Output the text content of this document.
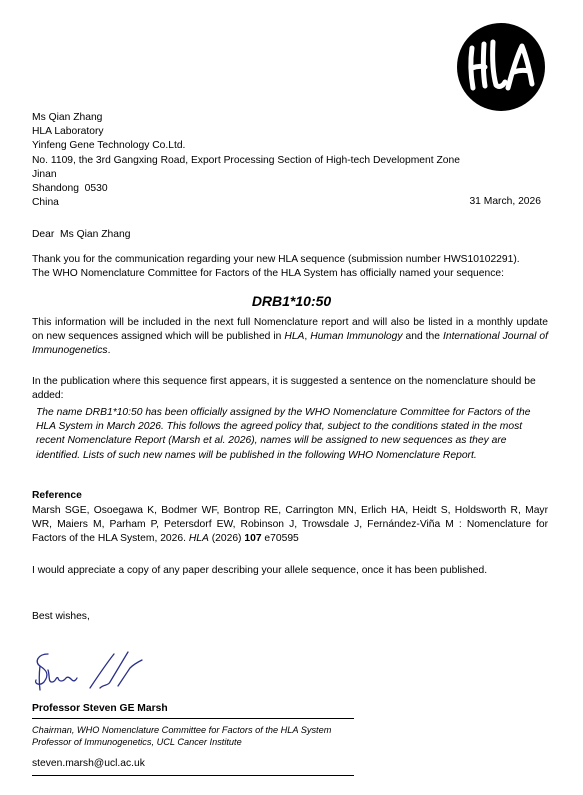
Ms Qian Zhang
HLA Laboratory
Yinfeng Gene Technology Co.Ltd.
No. 1109, the 3rd Gangxing Road, Export Processing Section of High-tech Development Zone
Jinan
Shandong  0530
China	31 March, 2026
Dear  Ms Qian Zhang
Thank you for the communication regarding your new HLA sequence (submission number HWS10102291).
The WHO Nomenclature Committee for Factors of the HLA System has officially named your sequence:
DRB1*10:50
This information will be included in the next full Nomenclature report and will also be listed in a monthly update on new sequences assigned which will be published in HLA, Human Immunology and the International Journal of Immunogenetics.
In the publication where this sequence first appears, it is suggested a sentence on the nomenclature should be added:
The name DRB1*10:50 has been officially assigned by the WHO Nomenclature Committee for Factors of the HLA System in March 2026. This follows the agreed policy that, subject to the conditions stated in the most recent Nomenclature Report (Marsh et al. 2026), names will be assigned to new sequences as they are identified. Lists of such new names will be published in the following WHO Nomenclature Report.
Reference
Marsh SGE, Osoegawa K, Bodmer WF, Bontrop RE, Carrington MN, Erlich HA, Heidt S, Holdsworth R, Mayr WR, Maiers M, Parham P, Petersdorf EW, Robinson J, Trowsdale J, Fernández-Viña M : Nomenclature for Factors of the HLA System, 2026. HLA (2026) 107 e70595
I would appreciate a copy of any paper describing your allele sequence, once it has been published.
Best wishes,
Professor Steven GE Marsh
Chairman, WHO Nomenclature Committee for Factors of the HLA System
Professor of Immunogenetics, UCL Cancer Institute
steven.marsh@ucl.ac.uk
